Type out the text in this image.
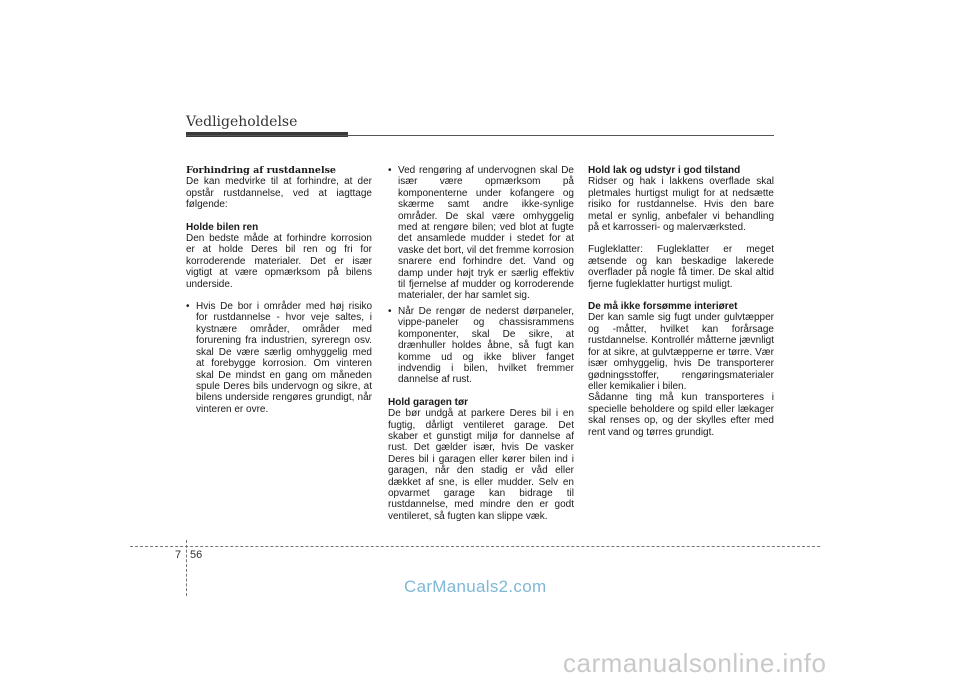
Vedligeholdelse

Forhindring af rustdannelse

De kan medvirke til at forhindre, at der opstår rustdannelse, ved at iagttage følgende:

Holde bilen ren

Den bedste måde at forhindre korrosion er at holde Deres bil ren og fri for korroderende materialer. Det er især vigtigt at være opmærksom på bilens underside.

• Hvis De bor i områder med høj risiko for rustdannelse - hvor veje saltes, i kystnære områder, områder med forurening fra industrien, syreregn osv. skal De være særlig omhyggelig med at forebygge korrosion. Om vinteren skal De mindst en gang om måneden spule Deres bils undervogn og sikre, at bilens underside rengøres grundigt, når vinteren er ovre.
• Ved rengøring af undervognen skal De især være opmærksom på komponenterne under kofangere og skærme samt andre ikke-synlige områder. De skal være omhyggelig med at rengøre bilen; ved blot at fugte det ansamlede mudder i stedet for at vaske det bort, vil det fremme korrosion snarere end forhindre det. Vand og damp under højt tryk er særlig effektiv til fjernelse af mudder og korroderende materialer, der har samlet sig.
• Når De rengør de nederst dørpaneler, vippe-paneler og chassisrammens komponenter, skal De sikre, at drænhuller holdes åbne, så fugt kan komme ud og ikke bliver fanget indvendig i bilen, hvilket fremmer dannelse af rust.

Hold garagen tør

De bør undgå at parkere Deres bil i en fugtig, dårligt ventileret garage. Det skaber et gunstigt miljø for dannelse af rust. Det gælder især, hvis De vasker Deres bil i garagen eller kører bilen ind i garagen, når den stadig er våd eller dækket af sne, is eller mudder. Selv en opvarmet garage kan bidrage til rustdannelse, med mindre den er godt ventileret, så fugten kan slippe væk.

Hold lak og udstyr i god tilstand

Ridser og hak i lakkens overflade skal pletmales hurtigst muligt for at nedsætte risiko for rustdannelse. Hvis den bare metal er synlig, anbefaler vi behandling på et karrosseri- og malerværksted.

Fugleklatter: Fugleklatter er meget ætsende og kan beskadige lakerede overflader på nogle få timer. De skal altid fjerne fugleklatter hurtigst muligt.

De må ikke forsømme interiøret

Der kan samle sig fugt under gulvtæpper og -måtter, hvilket kan forårsage rustdannelse. Kontrollér måtterne jævnligt for at sikre, at gulvtæpperne er tørre. Vær især omhyggelig, hvis De transporterer gødningsstoffer, rengøringsmaterialer eller kemikalier i bilen.

Sådanne ting må kun transporteres i specielle beholdere og spild eller lækager skal renses op, og der skylles efter med rent vand og tørres grundigt.

7 56
CarManuals2.com
carmanualsonline.info
